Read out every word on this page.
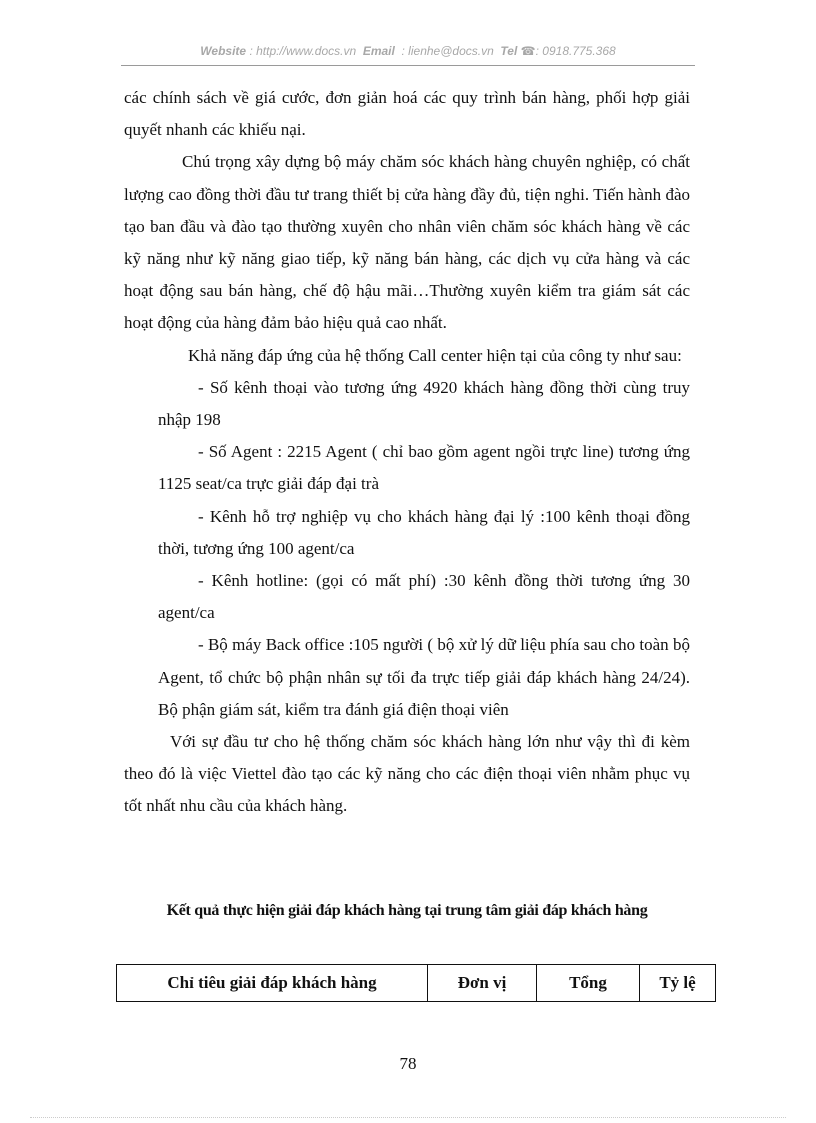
Website : http://www.docs.vn Email : lienhe@docs.vn Tel ☎: 0918.775.368

các chính sách về giá cước, đơn giản hoá các quy trình bán hàng, phối hợp giải quyết nhanh các khiếu nại.

Chú trọng xây dựng bộ máy chăm sóc khách hàng chuyên nghiệp, có chất lượng cao đồng thời đầu tư trang thiết bị cửa hàng đầy đủ, tiện nghi. Tiến hành đào tạo ban đầu và đào tạo thường xuyên cho nhân viên chăm sóc khách hàng về các kỹ năng như kỹ năng giao tiếp, kỹ năng bán hàng, các dịch vụ cửa hàng và các hoạt động sau bán hàng, chế độ hậu mãi…Thường xuyên kiểm tra giám sát các hoạt động của hàng đảm bảo hiệu quả cao nhất.

Khả năng đáp ứng của hệ thống Call center hiện tại của công ty như sau:

- Số kênh thoại vào tương ứng 4920 khách hàng đồng thời cùng truy nhập 198

- Số Agent : 2215 Agent ( chỉ bao gồm agent ngồi trực line) tương ứng 1125 seat/ca trực giải đáp đại trà

- Kênh hỗ trợ nghiệp vụ cho khách hàng đại lý :100 kênh thoại đồng thời, tương ứng 100 agent/ca

- Kênh hotline: (gọi có mất phí) :30 kênh đồng thời tương ứng 30 agent/ca

- Bộ máy Back office :105 người ( bộ xử lý dữ liệu phía sau cho toàn bộ Agent, tổ chức bộ phận nhân sự tối đa trực tiếp giải đáp khách hàng 24/24). Bộ phận giám sát, kiểm tra đánh giá điện thoại viên

Với sự đầu tư cho hệ thống chăm sóc khách hàng lớn như vậy thì đi kèm theo đó là việc Viettel đào tạo các kỹ năng cho các điện thoại viên nhằm phục vụ tốt nhất nhu cầu của khách hàng.

Kết quả thực hiện giải đáp khách hàng tại trung tâm giải đáp khách hàng
Chỉ tiêu giải đáp khách hàng	Đơn vị	Tổng	Tỷ lệ
78
